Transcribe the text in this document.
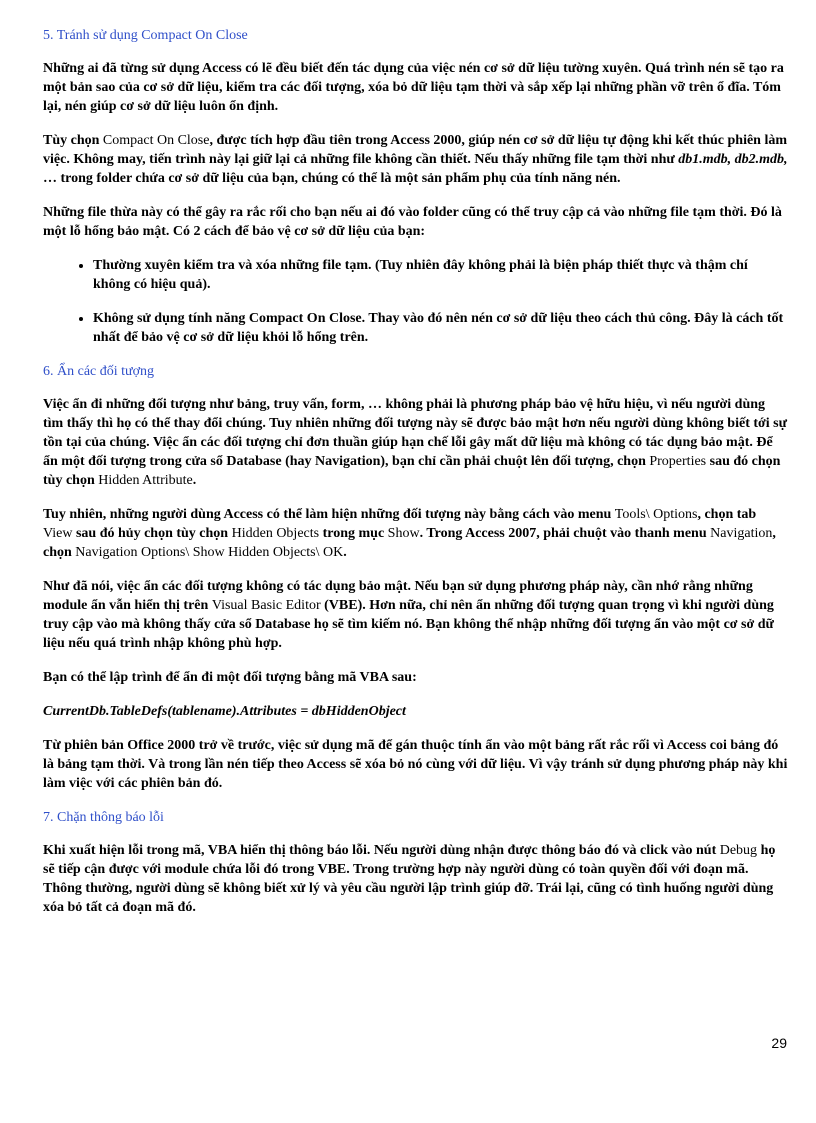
5. Tránh sử dụng Compact On Close

Những ai đã từng sử dụng Access có lẽ đều biết đến tác dụng của việc nén cơ sở dữ liệu tường xuyên. Quá trình nén sẽ tạo ra một bản sao của cơ sở dữ liệu, kiểm tra các đối tượng, xóa bỏ dữ liệu tạm thời và sắp xếp lại những phần vỡ trên ổ đĩa. Tóm lại, nén giúp cơ sở dữ liệu luôn ổn định.

Tùy chọn Compact On Close, được tích hợp đầu tiên trong Access 2000, giúp nén cơ sở dữ liệu tự động khi kết thúc phiên làm việc. Không may, tiến trình này lại giữ lại cả những file không cần thiết. Nếu thấy những file tạm thời như db1.mdb, db2.mdb, … trong folder chứa cơ sở dữ liệu của bạn, chúng có thể là một sản phẩm phụ của tính năng nén.

Những file thừa này có thể gây ra rắc rối cho bạn nếu ai đó vào folder cũng có thể truy cập cả vào những file tạm thời. Đó là một lỗ hổng bảo mật. Có 2 cách để bảo vệ cơ sở dữ liệu của bạn:

• Thường xuyên kiểm tra và xóa những file tạm. (Tuy nhiên đây không phải là biện pháp thiết thực và thậm chí không có hiệu quả).
• Không sử dụng tính năng Compact On Close. Thay vào đó nên nén cơ sở dữ liệu theo cách thủ công. Đây là cách tốt nhất để bảo vệ cơ sở dữ liệu khỏi lỗ hổng trên.
6. Ẩn các đối tượng

Việc ẩn đi những đối tượng như bảng, truy vấn, form, … không phải là phương pháp bảo vệ hữu hiệu, vì nếu người dùng tìm thấy thì họ có thể thay đổi chúng. Tuy nhiên những đối tượng này sẽ được bảo mật hơn nếu người dùng không biết tới sự tồn tại của chúng. Việc ẩn các đối tượng chỉ đơn thuần giúp hạn chế lỗi gây mất dữ liệu mà không có tác dụng bảo mật. Để ẩn một đối tượng trong cửa sổ Database (hay Navigation), bạn chỉ cần phải chuột lên đối tượng, chọn Properties sau đó chọn tùy chọn Hidden Attribute.

Tuy nhiên, những người dùng Access có thể làm hiện những đối tượng này bằng cách vào menu Tools\ Options, chọn tab View sau đó hủy chọn tùy chọn Hidden Objects trong mục Show. Trong Access 2007, phải chuột vào thanh menu Navigation, chọn Navigation Options\ Show Hidden Objects\ OK.

Như đã nói, việc ẩn các đối tượng không có tác dụng bảo mật. Nếu bạn sử dụng phương pháp này, cần nhớ rằng những module ẩn vẫn hiển thị trên Visual Basic Editor (VBE). Hơn nữa, chỉ nên ẩn những đối tượng quan trọng vì khi người dùng truy cập vào mà không thấy cửa sổ Database họ sẽ tìm kiếm nó. Bạn không thể nhập những đối tượng ẩn vào một cơ sở dữ liệu nếu quá trình nhập không phù hợp.

Bạn có thể lập trình để ẩn đi một đối tượng bằng mã VBA sau:

CurrentDb.TableDefs(tablename).Attributes = dbHiddenObject

Từ phiên bản Office 2000 trở về trước, việc sử dụng mã để gán thuộc tính ẩn vào một bảng rất rắc rối vì Access coi bảng đó là bảng tạm thời. Và trong lần nén tiếp theo Access sẽ xóa bỏ nó cùng với dữ liệu. Vì vậy tránh sử dụng phương pháp này khi làm việc với các phiên bản đó.

7. Chặn thông báo lỗi

Khi xuất hiện lỗi trong mã, VBA hiển thị thông báo lỗi. Nếu người dùng nhận được thông báo đó và click vào nút Debug họ sẽ tiếp cận được với module chứa lỗi đó trong VBE. Trong trường hợp này người dùng có toàn quyền đối với đoạn mã. Thông thường, người dùng sẽ không biết xử lý và yêu cầu người lập trình giúp đỡ. Trái lại, cũng có tình huống người dùng xóa bỏ tất cả đoạn mã đó.

29
